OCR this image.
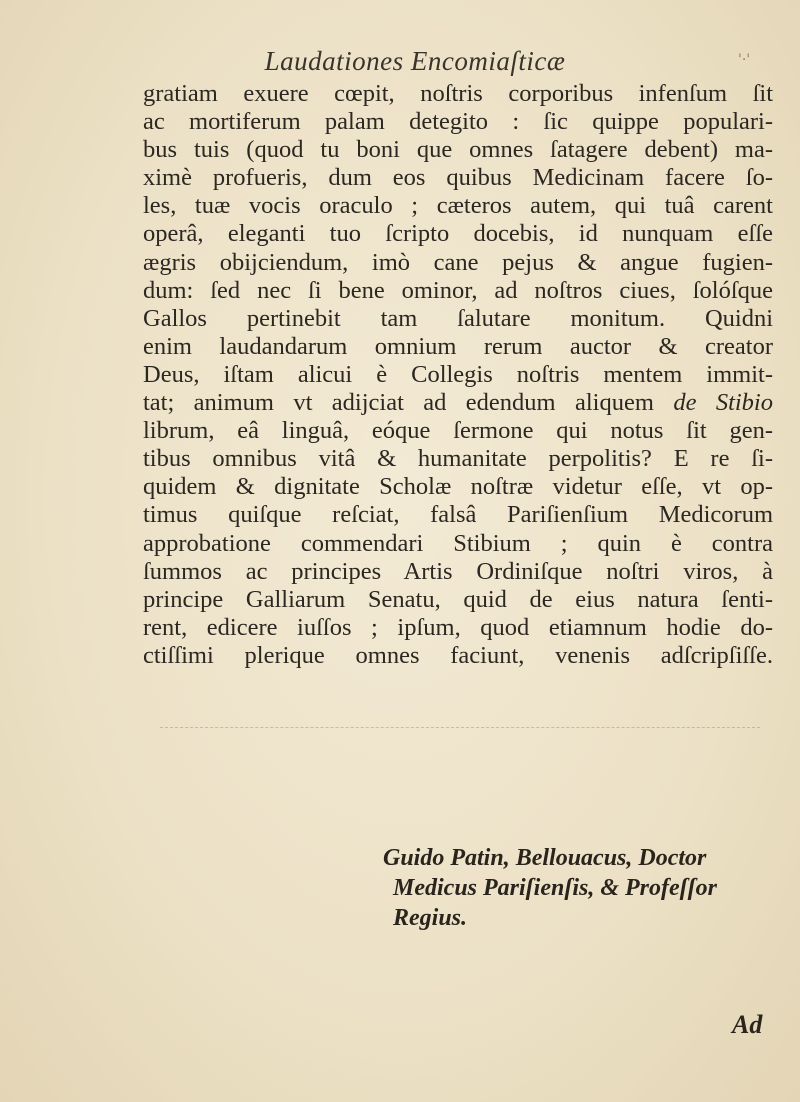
'·'
Laudationes Encomiaſticæ
gratiam exuere cœpit, noſtris corporibus infenſum ſit
ac mortiferum palam detegito : ſic quippe populari-
bus tuis (quod tu boni que omnes ſatagere debent) ma-
ximè profueris, dum eos quibus Medicinam facere ſo-
les, tuæ vocis oraculo ; cæteros autem, qui tuâ carent
operâ, eleganti tuo ſcripto docebis, id nunquam eſſe
ægris obijciendum, imò cane pejus & angue fugien-
dum: ſed nec ſi bene ominor, ad noſtros ciues, ſolóſque
Gallos pertinebit tam ſalutare monitum. Quidni
enim laudandarum omnium rerum auctor & creator
Deus, iſtam alicui è Collegis noſtris mentem immit-
tat; animum vt adijciat ad edendum aliquem de Stibio
librum, eâ linguâ, eóque ſermone qui notus ſit gen-
tibus omnibus vitâ & humanitate perpolitis? E re ſi-
quidem & dignitate Scholæ noſtræ videtur eſſe, vt op-
timus quiſque reſciat, falsâ Pariſienſium Medicorum
approbatione commendari Stibium ; quin è contra
ſummos ac principes Artis Ordiniſque noſtri viros, à
principe Galliarum Senatu, quid de eius natura ſenti-
rent, edicere iuſſos ; ipſum, quod etiamnum hodie do-
ctiſſimi plerique omnes faciunt, venenis adſcripſiſſe.
Guido Patin, Bellouacus, Doctor
Medicus Pariſienſis, & Profeſſor
Regius.
Ad
